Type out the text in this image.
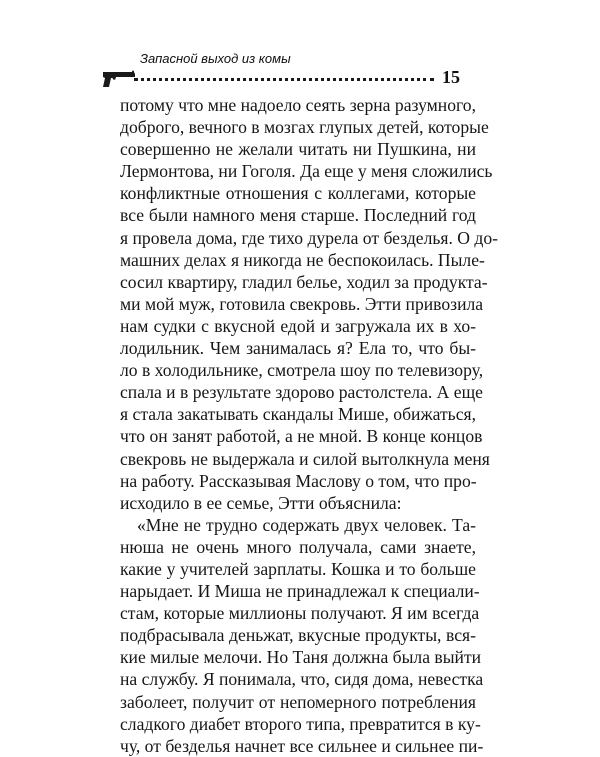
Запасной выход из комы
15
потому что мне надоело сеять зерна разумного,
доброго, вечного в мозгах глупых детей, которые
совершенно не желали читать ни Пушкина, ни
Лермонтова, ни Гоголя. Да еще у меня сложились
конфликтные отношения с коллегами, которые
все были намного меня старше. Последний год
я провела дома, где тихо дурела от безделья. О до-
машних делах я никогда не беспокоилась. Пыле-
сосил квартиру, гладил белье, ходил за продукта-
ми мой муж, готовила свекровь. Этти привозила
нам судки с вкусной едой и загружала их в хо-
лодильник. Чем занималась я? Ела то, что бы-
ло в холодильнике, смотрела шоу по телевизору,
спала и в результате здорово растолстела. А еще
я стала закатывать скандалы Мише, обижаться,
что он занят работой, а не мной. В конце концов
свекровь не выдержала и силой вытолкнула меня
на работу. Рассказывая Маслову о том, что про-
исходило в ее семье, Этти объяснила:
«Мне не трудно содержать двух человек. Та-
нюша не очень много получала, сами знаете,
какие у учителей зарплаты. Кошка и то больше
нарыдает. И Миша не принадлежал к специали-
стам, которые миллионы получают. Я им всегда
подбрасывала деньжат, вкусные продукты, вся-
кие милые мелочи. Но Таня должна была выйти
на службу. Я понимала, что, сидя дома, невестка
заболеет, получит от непомерного потребления
сладкого диабет второго типа, превратится в ку-
чу, от безделья начнет все сильнее и сильнее пи-
